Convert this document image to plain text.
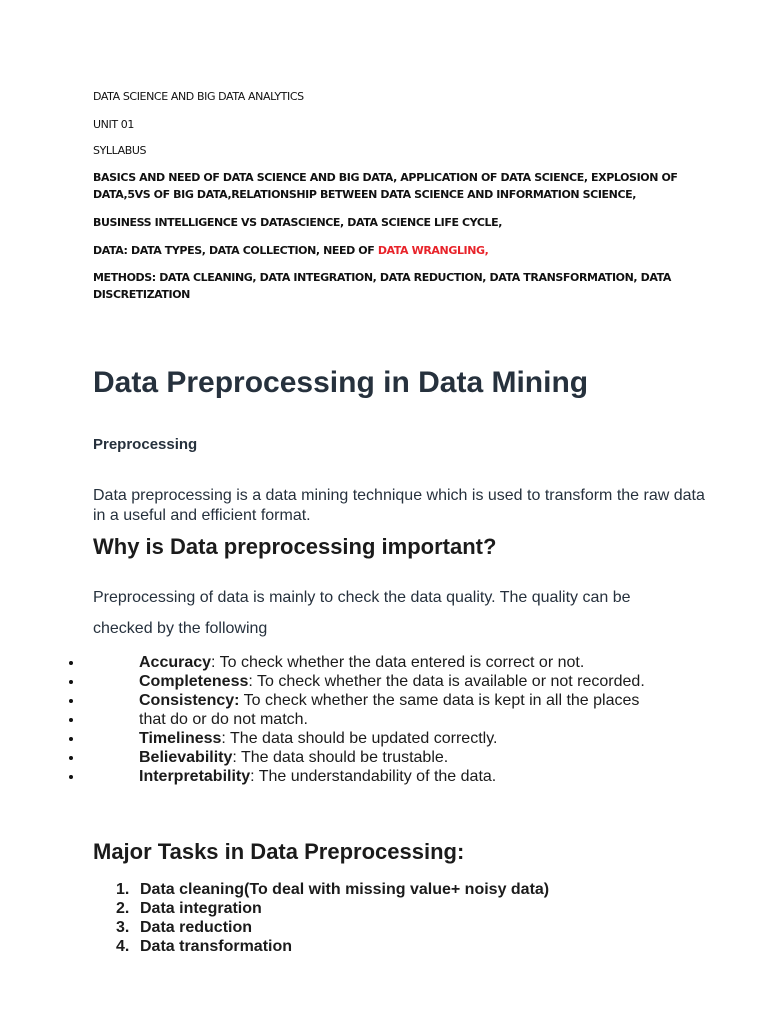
DATA SCIENCE AND BIG DATA ANALYTICS
UNIT 01
SYLLABUS
BASICS AND NEED OF DATA SCIENCE AND BIG DATA, APPLICATION OF DATA SCIENCE, EXPLOSION OF DATA,5VS OF BIG DATA,RELATIONSHIP BETWEEN DATA SCIENCE AND INFORMATION SCIENCE,
BUSINESS INTELLIGENCE VS DATASCIENCE, DATA SCIENCE LIFE CYCLE,
DATA: DATA TYPES, DATA COLLECTION, NEED OF DATA WRANGLING,
METHODS: DATA CLEANING, DATA INTEGRATION, DATA REDUCTION, DATA TRANSFORMATION, DATA DISCRETIZATION
Data Preprocessing in Data Mining
Preprocessing

Data preprocessing is a data mining technique which is used to transform the raw data in a useful and efficient format.

Why is Data preprocessing important?

Preprocessing of data is mainly to check the data quality. The quality can be

checked by the following

Accuracy: To check whether the data entered is correct or not.
Completeness: To check whether the data is available or not recorded.
Consistency: To check whether the same data is kept in all the places
that do or do not match.
Timeliness: The data should be updated correctly.
Believability: The data should be trustable.
Interpretability: The understandability of the data.
Major Tasks in Data Preprocessing:
1. Data cleaning(To deal with missing value+ noisy data)
2. Data integration
3. Data reduction
4. Data transformation
